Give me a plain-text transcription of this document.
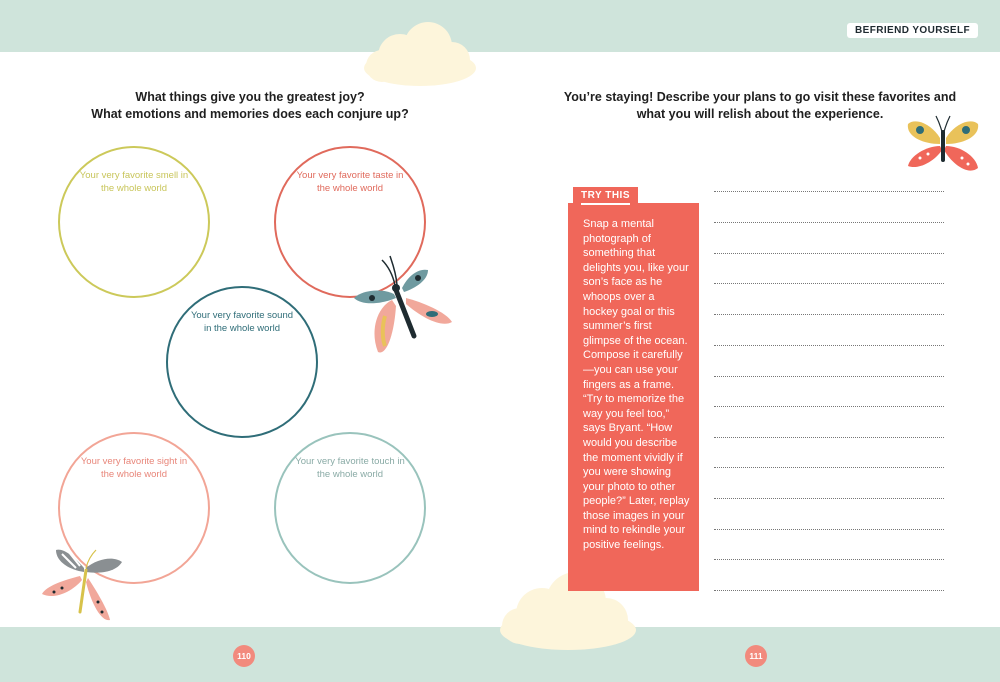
BEFRIEND YOURSELF
What things give you the greatest joy?
What emotions and memories does each conjure up?
Your very favorite smell in the whole world
Your very favorite taste in the whole world
Your very favorite sound in the whole world
Your very favorite sight in the whole world
Your very favorite touch in the whole world
You’re staying! Describe your plans to go visit these favorites and
what you will relish about the experience.
TRY THIS
Snap a mental photograph of something that delights you, like your son’s face as he whoops over a hockey goal or this summer’s first glimpse of the ocean. Compose it carefully—you can use your fingers as a frame. “Try to memorize the way you feel too,” says Bryant. “How would you describe the moment vividly if you were showing your photo to other people?” Later, replay those images in your mind to rekindle your positive feelings.
110	111
